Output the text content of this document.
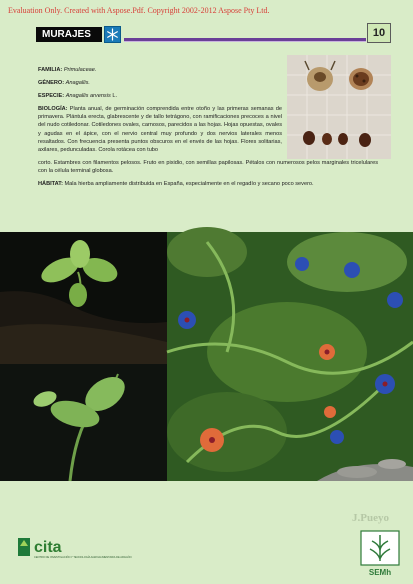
Evaluation Only. Created with Aspose.Pdf. Copyright 2002-2012 Aspose Pty Ltd.
MURAJES	10

FAMILIA: Primulaceae.

GÉNERO: Anagallis.

ESPECIE: Anagallis arvensis L.

BIOLOGÍA: Planta anual, de germinación comprendida entre otoño y las primeras semanas de primavera. Plántula erecta, glabrescente y de tallo tetrágono, con ramificaciones precoces a nivel del nudo cotiledonar. Cotiledones ovales, carnosos, parecidos a las hojas. Hojas opuestas, ovales y agudas en el ápice, con el nervio central muy profundo y dos nervios laterales menos resaltados. Con frecuencia presenta puntos obscuros en el envés de las hojas. Flores solitarias, axilares, pedunculadas. Corola rotácea con tubo

corto. Estambres con filamentos pelosos. Fruto en pixidio, con semillas papilosas. Pétalos con numerosos pelos marginales tricelulares con la célula terminal globosa.

HÁBITAT: Mala hierba ampliamente distribuida en España, especialmente en el regadío y secano poco severo.

J.Pueyo
cita
CENTRO DE INVESTIGACIÓN Y TECNOLOGÍA AGROALIMENTARIA DE ARAGÓN
SEMh
